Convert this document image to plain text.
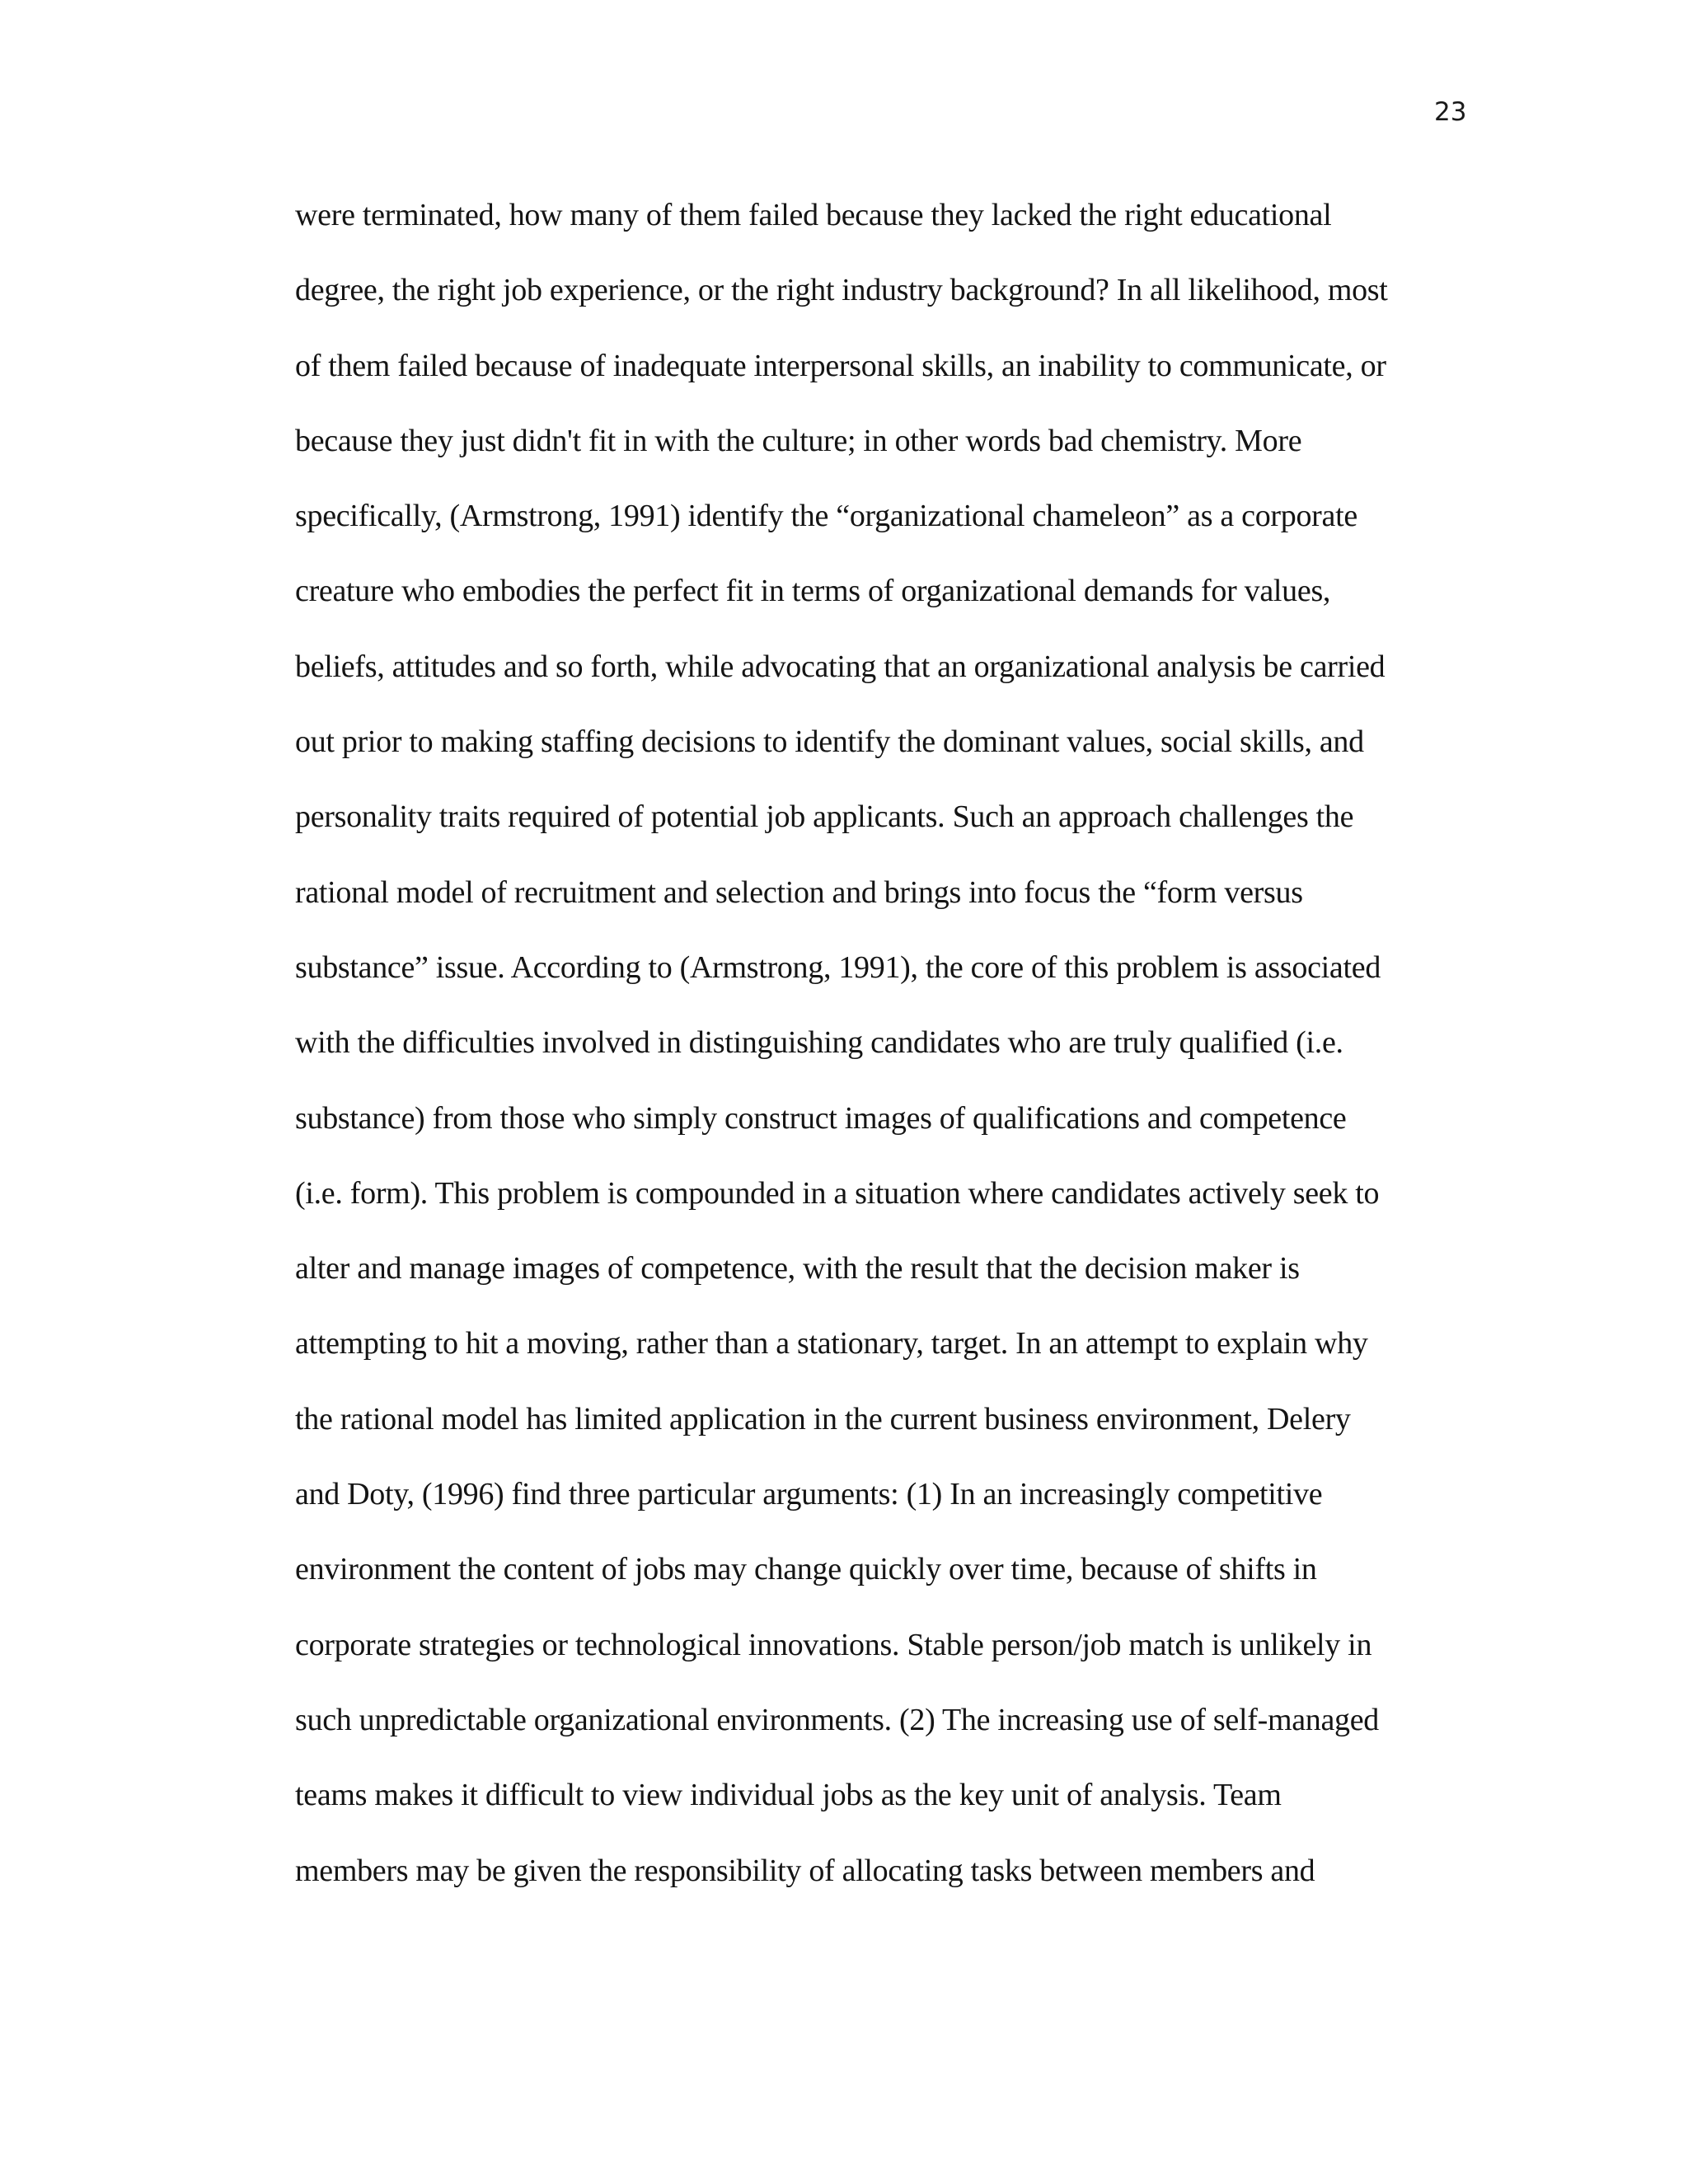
23
were terminated, how many of them failed because they lacked the right educational
degree, the right job experience, or the right industry background? In all likelihood, most
of them failed because of inadequate interpersonal skills, an inability to communicate, or
because they just didn't fit in with the culture; in other words bad chemistry. More
specifically, (Armstrong, 1991) identify the “organizational chameleon” as a corporate
creature who embodies the perfect fit in terms of organizational demands for values,
beliefs, attitudes and so forth, while advocating that an organizational analysis be carried
out prior to making staffing decisions to identify the dominant values, social skills, and
personality traits required of potential job applicants. Such an approach challenges the
rational model of recruitment and selection and brings into focus the “form versus
substance” issue. According to (Armstrong, 1991), the core of this problem is associated
with the difficulties involved in distinguishing candidates who are truly qualified (i.e.
substance) from those who simply construct images of qualifications and competence
(i.e. form). This problem is compounded in a situation where candidates actively seek to
alter and manage images of competence, with the result that the decision maker is
attempting to hit a moving, rather than a stationary, target. In an attempt to explain why
the rational model has limited application in the current business environment, Delery
and Doty, (1996) find three particular arguments: (1) In an increasingly competitive
environment the content of jobs may change quickly over time, because of shifts in
corporate strategies or technological innovations. Stable person/job match is unlikely in
such unpredictable organizational environments. (2) The increasing use of self-managed
teams makes it difficult to view individual jobs as the key unit of analysis. Team
members may be given the responsibility of allocating tasks between members and
